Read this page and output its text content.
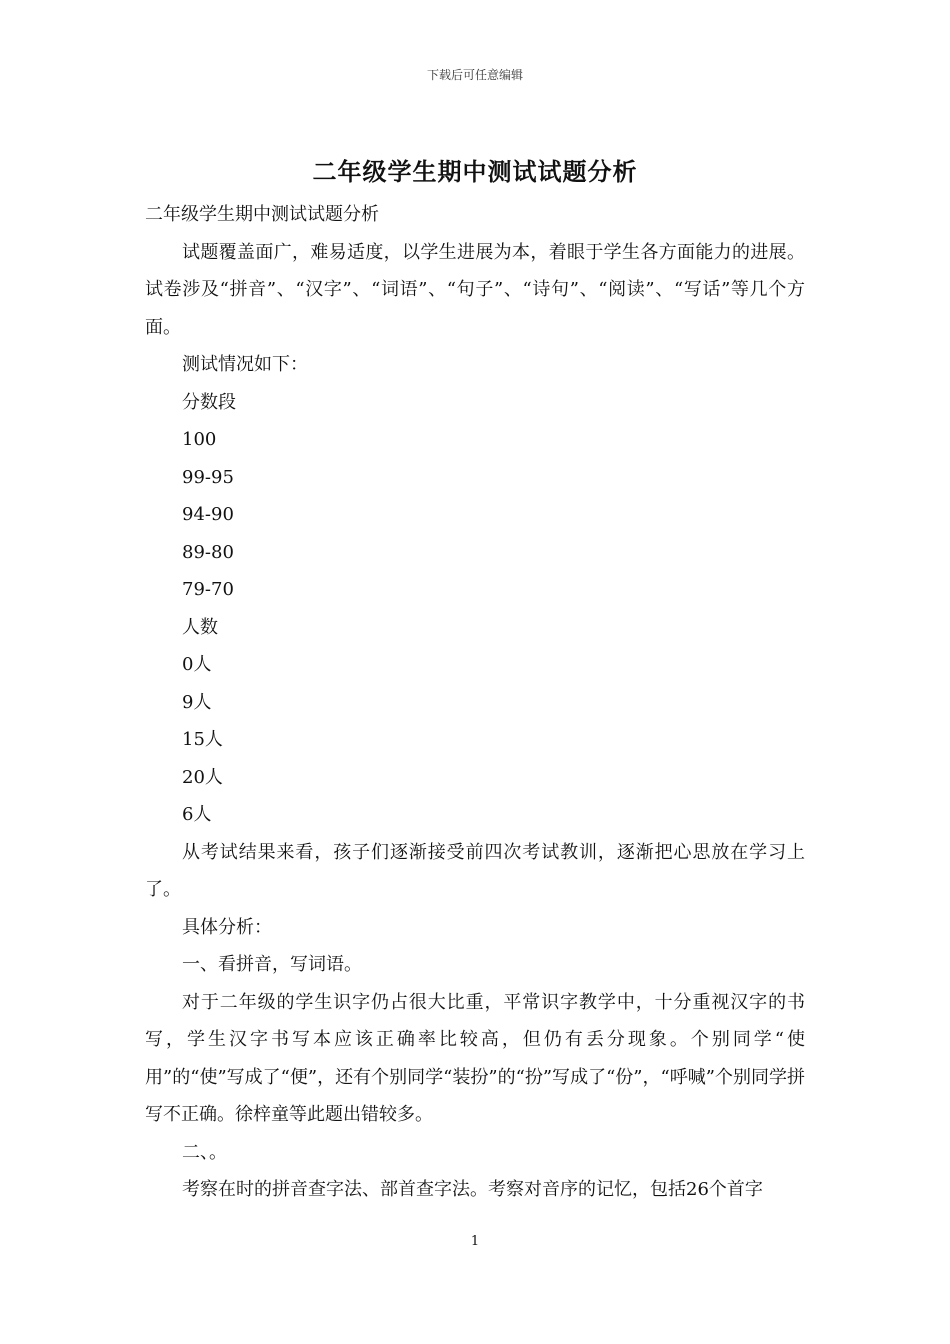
下载后可任意编辑
二年级学生期中测试试题分析

二年级学生期中测试试题分析

试题覆盖面广，难易适度，以学生进展为本，着眼于学生各方面能力的进展。试卷涉及“拼音”、“汉字”、“词语”、“句子”、“诗句”、“阅读”、“写话”等几个方面。

测试情况如下：

分数段

100

99-95

94-90

89-80

79-70

人数

0人

9人

15人

20人

6人

从考试结果来看，孩子们逐渐接受前四次考试教训，逐渐把心思放在学习上了。

具体分析：

一、看拼音，写词语。

对于二年级的学生识字仍占很大比重，平常识字教学中，十分重视汉字的书写，学生汉字书写本应该正确率比较高，但仍有丢分现象。个别同学“使用”的“使”写成了“便”，还有个别同学“装扮”的“扮”写成了“份”，“呼喊”个别同学拼写不正确。徐梓童等此题出错较多。

二、。

考察在时的拼音查字法、部首查字法。考察对音序的记忆，包括26个首字

1
